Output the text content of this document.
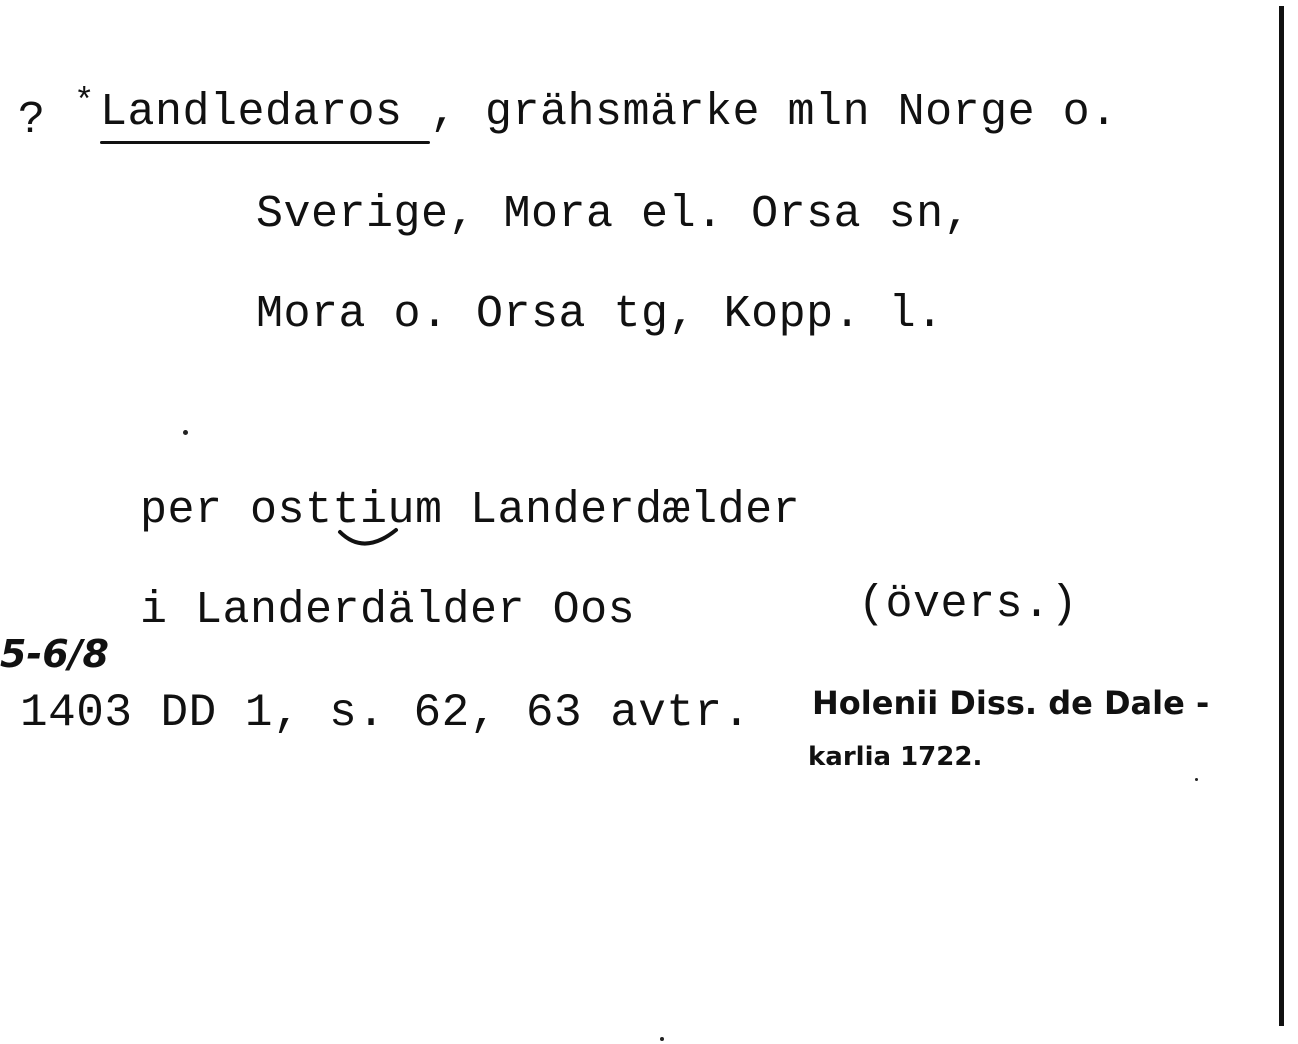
? * Landledaros , grähsmärke mln Norge o.
Sverige, Mora el. Orsa sn,
Mora o. Orsa tg, Kopp. l.
per osttium Landerdælder
i Landerdälder Oos	(övers.)
5-6/8
1403 DD 1, s. 62, 63 avtr. Holenii Diss. de Dale -
karlia 1722.
